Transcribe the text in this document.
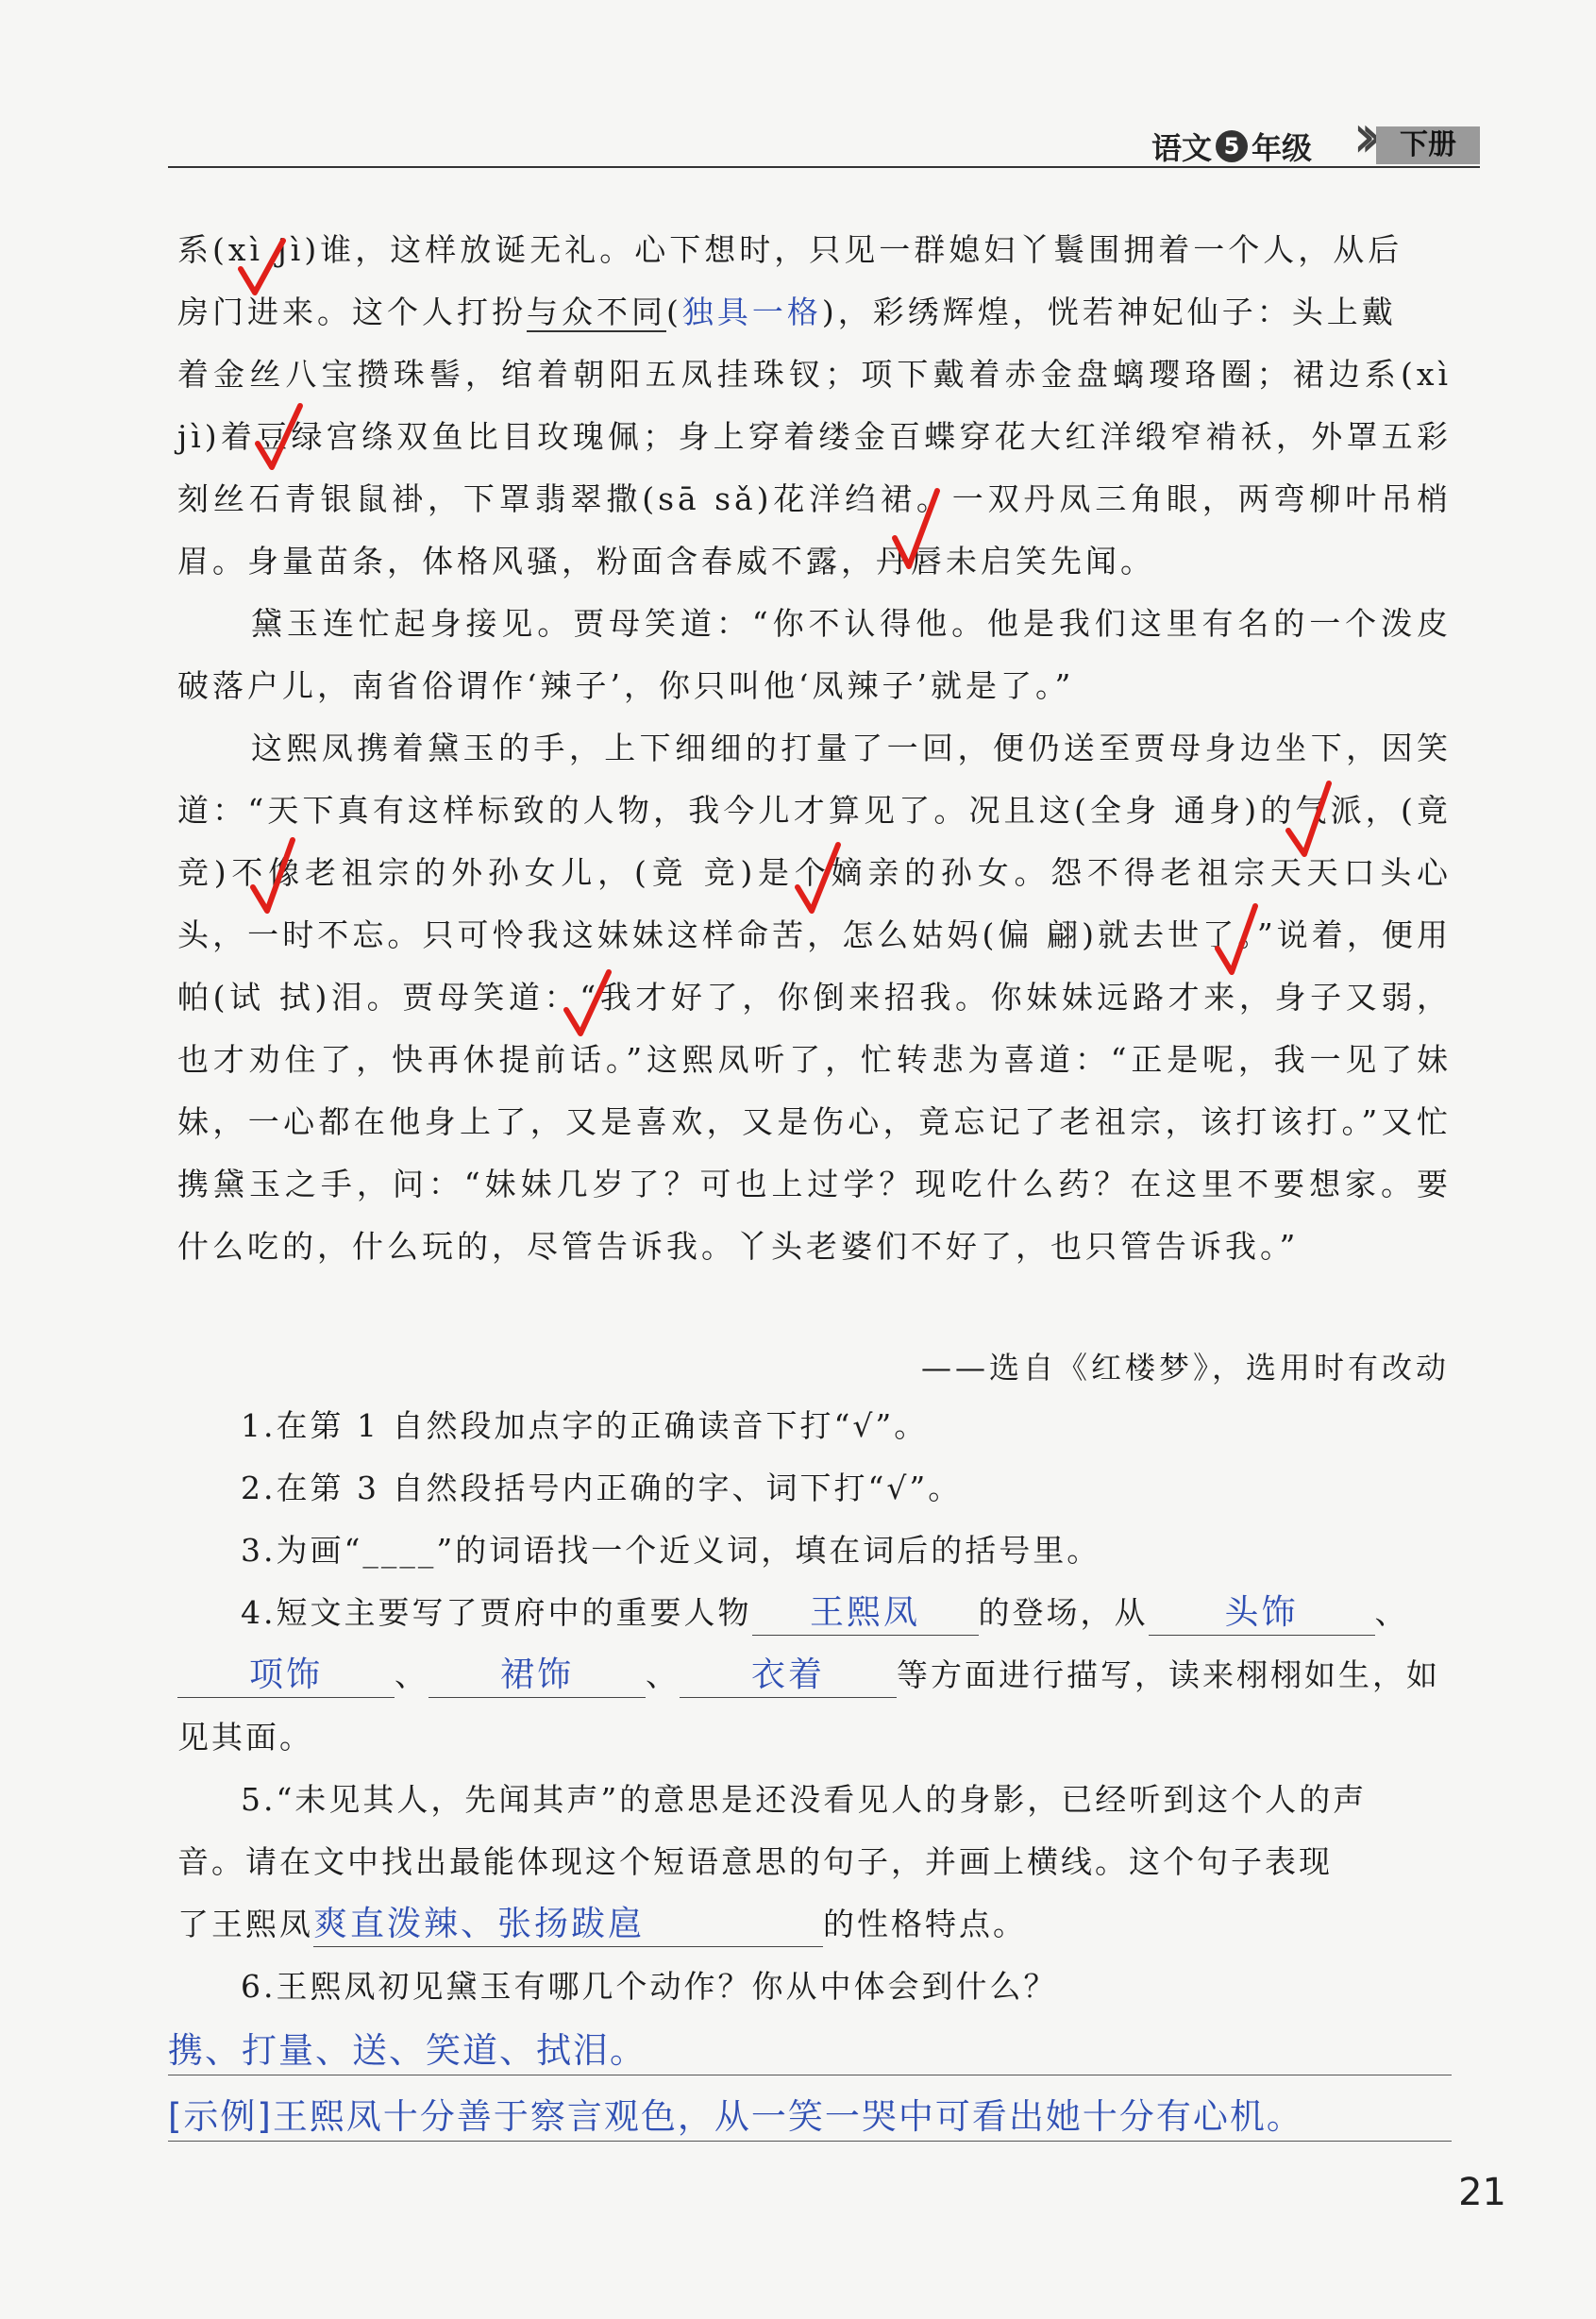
语文 5 年级 ››	下册
系(xì jì)谁，这样放诞无礼。心下想时，只见一群媳妇丫鬟围拥着一个人，从后
房门进来。这个人打扮与众不同(独具一格)，彩绣辉煌，恍若神妃仙子：头上戴
着金丝八宝攒珠髻，绾着朝阳五凤挂珠钗；项下戴着赤金盘螭璎珞圈；裙边系(xì jì)着豆绿宫绦双鱼比目玫瑰佩；身上穿着缕金百蝶穿花大红洋缎窄褃袄，外罩五彩刻丝石青银鼠褂，下罩翡翠撒(sā sǎ)花洋绉裙。一双丹凤三角眼，两弯柳叶吊梢眉。身量苗条，体格风骚，粉面含春威不露，丹唇未启笑先闻。
黛玉连忙起身接见。贾母笑道：“你不认得他。他是我们这里有名的一个泼皮破落户儿，南省俗谓作‘辣子’，你只叫他‘凤辣子’就是了。”
这熙凤携着黛玉的手，上下细细的打量了一回，便仍送至贾母身边坐下，因笑道：“天下真有这样标致的人物，我今儿才算见了。况且这(全身 通身)的气派，(竟 竞)不像老祖宗的外孙女儿，(竟 竞)是个嫡亲的孙女。怨不得老祖宗天天口头心头，一时不忘。只可怜我这妹妹这样命苦，怎么姑妈(偏 翩)就去世了。”说着，便用帕(试 拭)泪。贾母笑道：“我才好了，你倒来招我。你妹妹远路才来，身子又弱，也才劝住了，快再休提前话。”这熙凤听了，忙转悲为喜道：“正是呢，我一见了妹妹，一心都在他身上了，又是喜欢，又是伤心，竟忘记了老祖宗，该打该打。”又忙携黛玉之手，问：“妹妹几岁了？可也上过学？现吃什么药？在这里不要想家。要什么吃的，什么玩的，尽管告诉我。丫头老婆们不好了，也只管告诉我。”
——选自《红楼梦》，选用时有改动
1.在第 1 自然段加点字的正确读音下打“√”。
2.在第 3 自然段括号内正确的字、词下打“√”。
3.为画“____”的词语找一个近义词，填在词后的括号里。
4.短文主要写了贾府中的重要人物 王熙凤 的登场，从 头饰 、
项饰 、 裙饰 、 衣着 等方面进行描写，读来栩栩如生，如
见其面。
5.“未见其人，先闻其声”的意思是还没看见人的身影，已经听到这个人的声
音。请在文中找出最能体现这个短语意思的句子，并画上横线。这个句子表现
了王熙凤爽直泼辣、张扬跋扈	的性格特点。
6.王熙凤初见黛玉有哪几个动作？你从中体会到什么？
携、打量、送、笑道、拭泪。
[示例]王熙凤十分善于察言观色，从一笑一哭中可看出她十分有心机。
21
